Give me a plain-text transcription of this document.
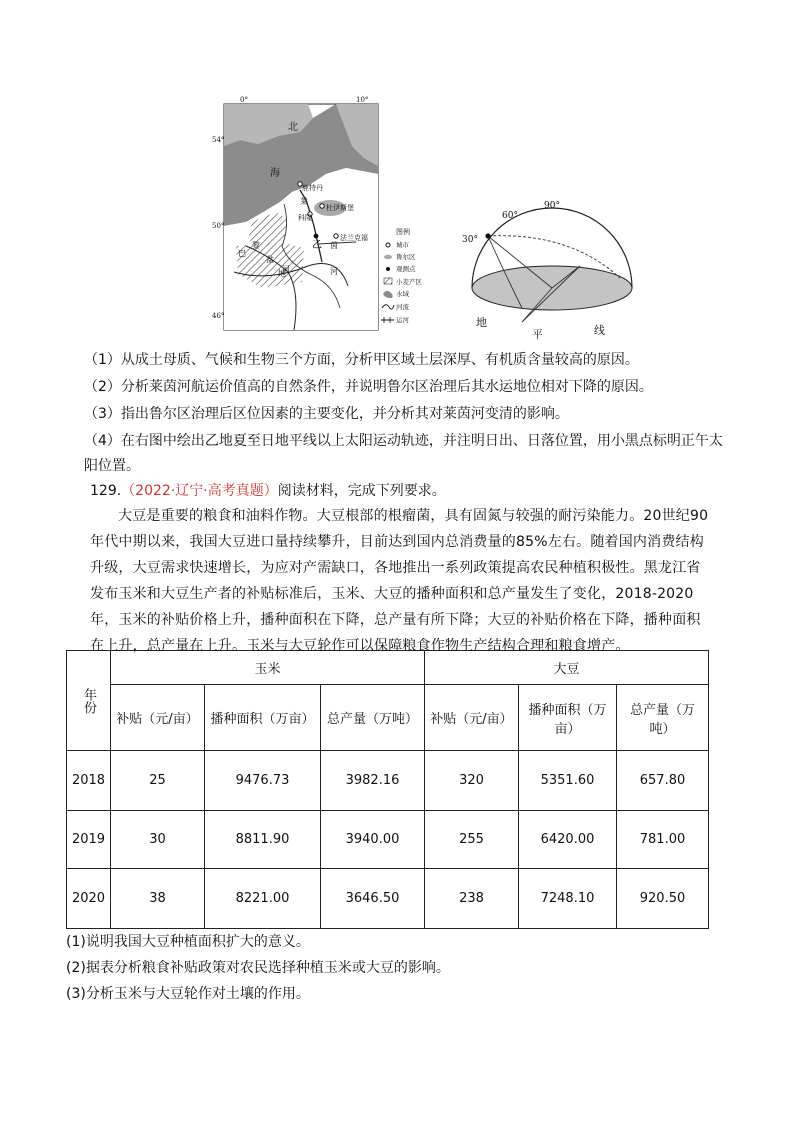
0°	10°
54°
50°
46°
北
海
鹿特丹
莱
科隆
杜伊斯堡
乙 茵
法兰克福
巴
黎
盆
地
河	河
图例
城市
鲁尔区
观测点
小麦产区
水域
河流
运河
90°
60°
30°
地
平	线
（1）从成土母质、气候和生物三个方面，分析甲区域土层深厚、有机质含量较高的原因。
（2）分析莱茵河航运价值高的自然条件，并说明鲁尔区治理后其水运地位相对下降的原因。
（3）指出鲁尔区治理后区位因素的主要变化，并分析其对莱茵河变清的影响。
（4）在右图中绘出乙地夏至日地平线以上太阳运动轨迹，并注明日出、日落位置，用小黑点标明正午太
阳位置。
129.（2022·辽宁·高考真题）阅读材料，完成下列要求。

大豆是重要的粮食和油料作物。大豆根部的根瘤菌，具有固氮与较强的耐污染能力。20世纪90年代中期以来，我国大豆进口量持续攀升，目前达到国内总消费量的85%左右。随着国内消费结构升级，大豆需求快速增长，为应对产需缺口，各地推出一系列政策提高农民种植积极性。黑龙江省发布玉米和大豆生产者的补贴标准后，玉米、大豆的播种面积和总产量发生了变化，2018-2020年，玉米的补贴价格上升，播种面积在下降，总产量有所下降；大豆的补贴价格在下降，播种面积在上升，总产量在上升。玉米与大豆轮作可以保障粮食作物生产结构合理和粮食增产。

年份	玉米			大豆		
	补贴（元/亩）	播种面积（万亩）	总产量（万吨）	补贴（元/亩）	播种面积（万亩）	总产量（万吨）
2018	25	9476.73	3982.16	320	5351.60	657.80
2019	30	8811.90	3940.00	255	6420.00	781.00
2020	38	8221.00	3646.50	238	7248.10	920.50
(1)说明我国大豆种植面积扩大的意义。
(2)据表分析粮食补贴政策对农民选择种植玉米或大豆的影响。
(3)分析玉米与大豆轮作对土壤的作用。
